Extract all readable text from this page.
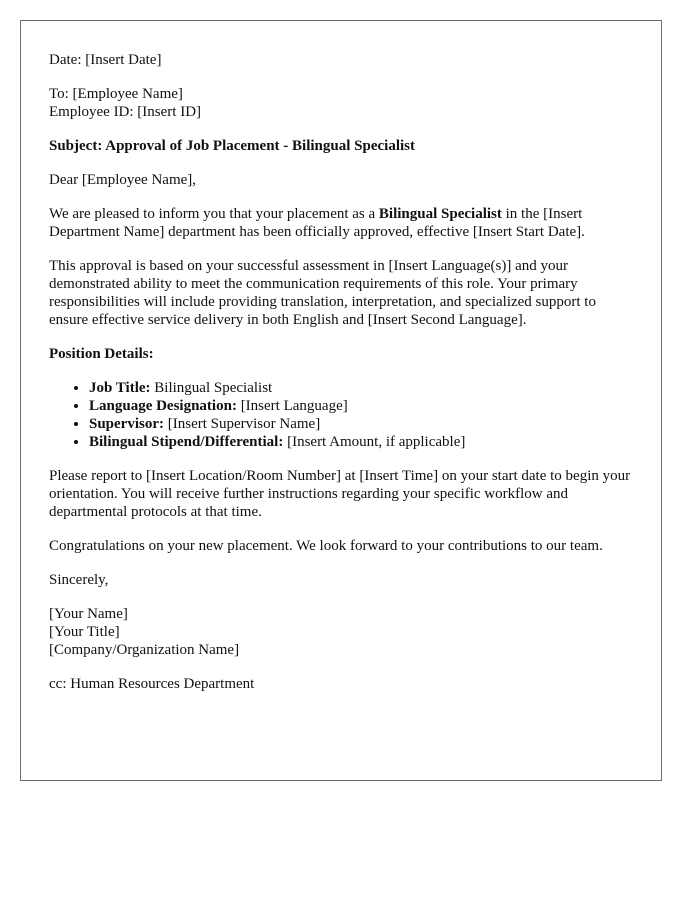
Date: [Insert Date]

To: [Employee Name]
Employee ID: [Insert ID]

Subject: Approval of Job Placement - Bilingual Specialist

Dear [Employee Name],

We are pleased to inform you that your placement as a Bilingual Specialist in the [Insert Department Name] department has been officially approved, effective [Insert Start Date].

This approval is based on your successful assessment in [Insert Language(s)] and your demonstrated ability to meet the communication requirements of this role. Your primary responsibilities will include providing translation, interpretation, and specialized support to ensure effective service delivery in both English and [Insert Second Language].

Position Details:

• Job Title: Bilingual Specialist
• Language Designation: [Insert Language]
• Supervisor: [Insert Supervisor Name]
• Bilingual Stipend/Differential: [Insert Amount, if applicable]

Please report to [Insert Location/Room Number] at [Insert Time] on your start date to begin your orientation. You will receive further instructions regarding your specific workflow and departmental protocols at that time.

Congratulations on your new placement. We look forward to your contributions to our team.

Sincerely,

[Your Name]
[Your Title]
[Company/Organization Name]

cc: Human Resources Department
